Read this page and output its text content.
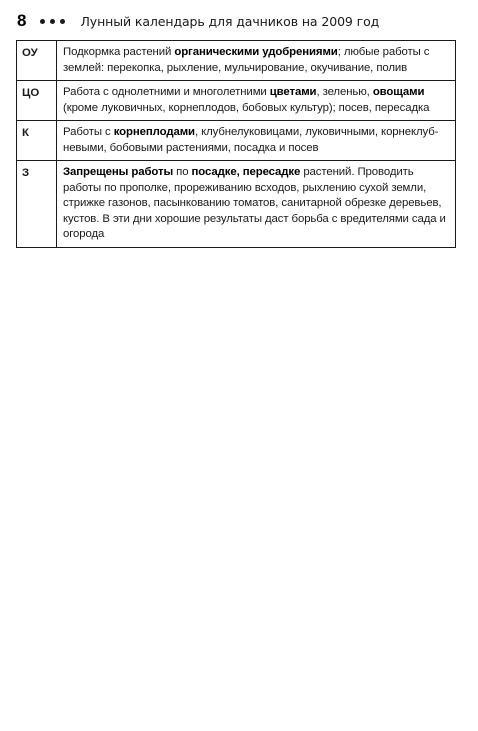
8	Лунный календарь для дачников на 2009 год
ОУ	Подкормка растений органическими удобрениями; любые работы с землей: перекопка, рыхление, мульчирование, окучивание, полив
ЦО	Работа с однолетними и многолетними цветами, зеленью, овощами (кроме луковичных, корнеплодов, бобовых культур); посев, пересадка
К	Работы с корнеплодами, клубнелуковицами, луковичными, корнеклуб-невыми, бобовыми растениями, посадка и посев
З	Запрещены работы по посадке, пересадке растений. Проводить работы по прополке, прореживанию всходов, рыхлению сухой земли, стрижке газонов, пасынкованию томатов, санитарной обрезке деревьев, кустов. В эти дни хорошие результаты даст борьба с вредителями сада и огорода
